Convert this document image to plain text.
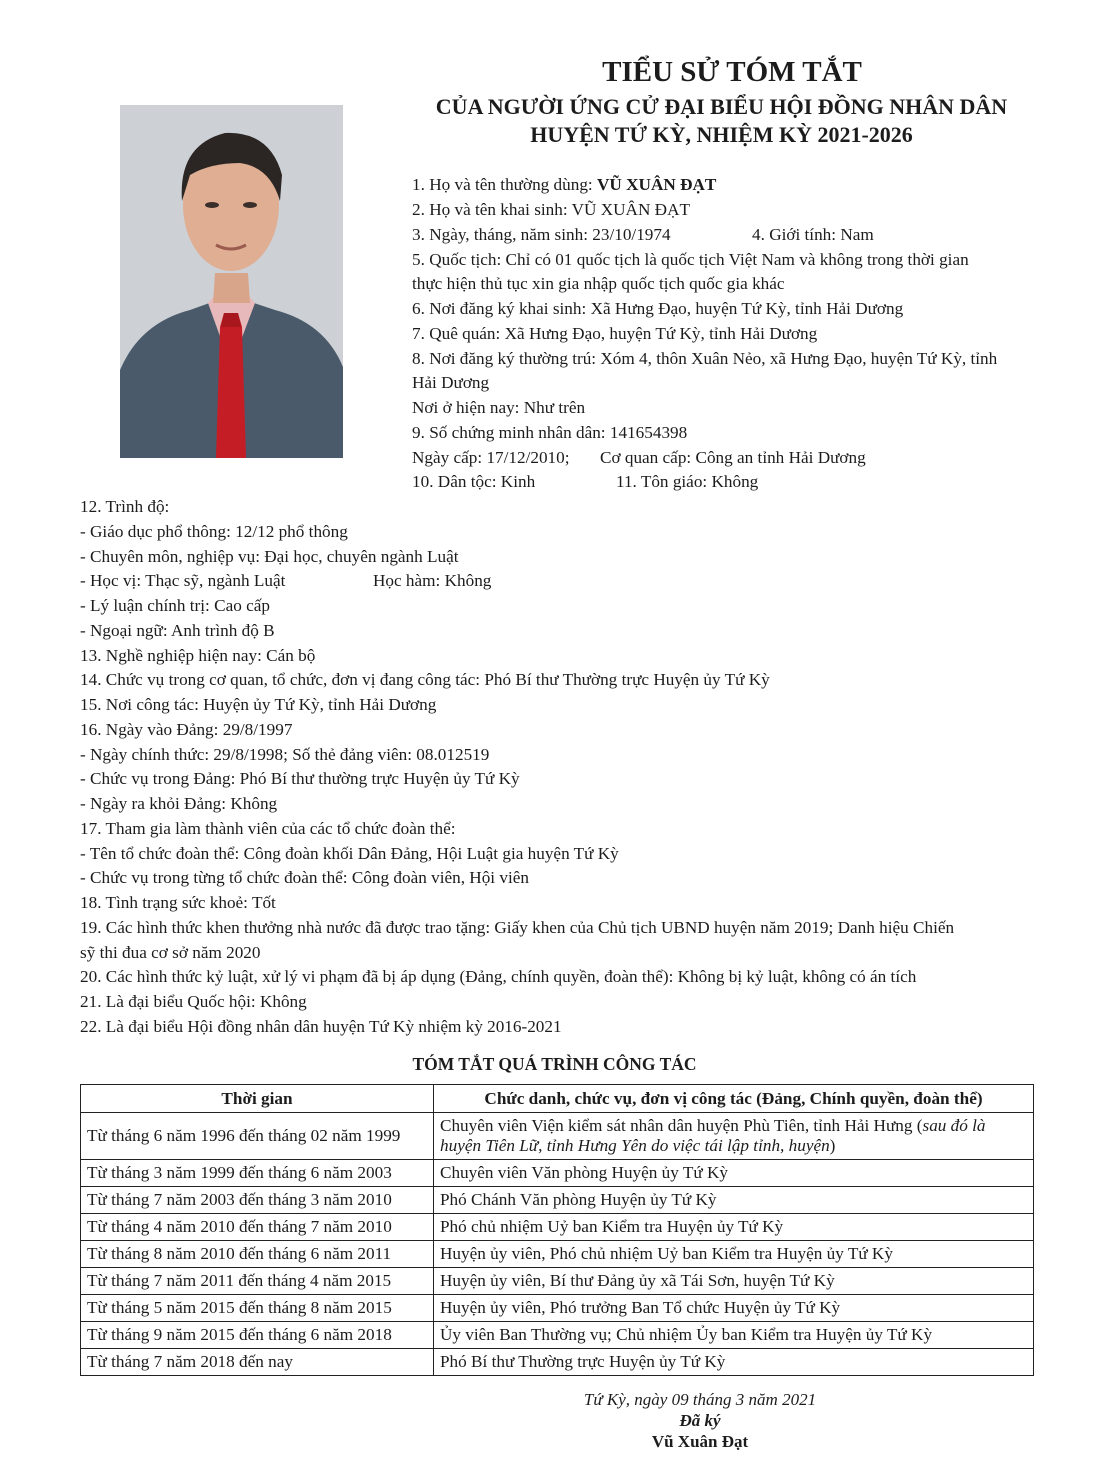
TIỂU SỬ TÓM TẮT
CỦA NGƯỜI ỨNG CỬ ĐẠI BIỂU HỘI ĐỒNG NHÂN DÂN
HUYỆN TỨ KỲ, NHIỆM KỲ 2021-2026
1. Họ và tên thường dùng: VŨ XUÂN ĐẠT
2. Họ và tên khai sinh: VŨ XUÂN ĐẠT
3. Ngày, tháng, năm sinh: 23/10/1974	4. Giới tính: Nam
5. Quốc tịch: Chỉ có 01 quốc tịch là quốc tịch Việt Nam và không trong thời gian
thực hiện thủ tục xin gia nhập quốc tịch quốc gia khác
6. Nơi đăng ký khai sinh: Xã Hưng Đạo, huyện Tứ Kỳ, tỉnh Hải Dương
7. Quê quán: Xã Hưng Đạo, huyện Tứ Kỳ, tỉnh Hải Dương
8. Nơi đăng ký thường trú: Xóm 4, thôn Xuân Nẻo, xã Hưng Đạo, huyện Tứ Kỳ, tỉnh
Hải Dương
Nơi ở hiện nay: Như trên
9. Số chứng minh nhân dân: 141654398
Ngày cấp: 17/12/2010; Cơ quan cấp: Công an tỉnh Hải Dương
10. Dân tộc: Kinh	11. Tôn giáo: Không
12. Trình độ:
- Giáo dục phổ thông: 12/12 phổ thông
- Chuyên môn, nghiệp vụ: Đại học, chuyên ngành Luật
- Học vị: Thạc sỹ, ngành Luật	Học hàm: Không
- Lý luận chính trị: Cao cấp
- Ngoại ngữ: Anh trình độ B
13. Nghề nghiệp hiện nay: Cán bộ
14. Chức vụ trong cơ quan, tổ chức, đơn vị đang công tác: Phó Bí thư Thường trực Huyện ủy Tứ Kỳ
15. Nơi công tác: Huyện ủy Tứ Kỳ, tỉnh Hải Dương
16. Ngày vào Đảng: 29/8/1997
- Ngày chính thức: 29/8/1998; Số thẻ đảng viên: 08.012519
- Chức vụ trong Đảng: Phó Bí thư thường trực Huyện ủy Tứ Kỳ
- Ngày ra khỏi Đảng: Không
17. Tham gia làm thành viên của các tổ chức đoàn thể:
- Tên tổ chức đoàn thể: Công đoàn khối Dân Đảng, Hội Luật gia huyện Tứ Kỳ
- Chức vụ trong từng tổ chức đoàn thể: Công đoàn viên, Hội viên
18. Tình trạng sức khoẻ: Tốt
19. Các hình thức khen thưởng nhà nước đã được trao tặng: Giấy khen của Chủ tịch UBND huyện năm 2019; Danh hiệu Chiến
sỹ thi đua cơ sở năm 2020
20. Các hình thức kỷ luật, xử lý vi phạm đã bị áp dụng (Đảng, chính quyền, đoàn thể): Không bị kỷ luật, không có án tích
21. Là đại biểu Quốc hội: Không
22. Là đại biểu Hội đồng nhân dân huyện Tứ Kỳ nhiệm kỳ 2016-2021
TÓM TẮT QUÁ TRÌNH CÔNG TÁC
Thời gian	Chức danh, chức vụ, đơn vị công tác (Đảng, Chính quyền, đoàn thể)
Từ tháng 6 năm 1996 đến tháng 02 năm 1999	Chuyên viên Viện kiểm sát nhân dân huyện Phù Tiên, tỉnh Hải Hưng (sau đó là huyện Tiên Lữ, tỉnh Hưng Yên do việc tái lập tỉnh, huyện)
Từ tháng 3 năm 1999 đến tháng 6 năm 2003	Chuyên viên Văn phòng Huyện ủy Tứ Kỳ
Từ tháng 7 năm 2003 đến tháng 3 năm 2010	Phó Chánh Văn phòng Huyện ủy Tứ Kỳ
Từ tháng 4 năm 2010 đến tháng 7 năm 2010	Phó chủ nhiệm Uỷ ban Kiểm tra Huyện ủy Tứ Kỳ
Từ tháng 8 năm 2010 đến tháng 6 năm 2011	Huyện ủy viên, Phó chủ nhiệm Uỷ ban Kiểm tra Huyện ủy Tứ Kỳ
Từ tháng 7 năm 2011 đến tháng 4 năm 2015	Huyện ủy viên, Bí thư Đảng ủy xã Tái Sơn, huyện Tứ Kỳ
Từ tháng 5 năm 2015 đến tháng 8 năm 2015	Huyện ủy viên, Phó trưởng Ban Tổ chức Huyện ủy Tứ Kỳ
Từ tháng 9 năm 2015 đến tháng 6 năm 2018	Ủy viên Ban Thường vụ; Chủ nhiệm Ủy ban Kiểm tra Huyện ủy Tứ Kỳ
Từ tháng 7 năm 2018 đến nay	Phó Bí thư Thường trực Huyện ủy Tứ Kỳ
Tứ Kỳ, ngày 09 tháng 3 năm 2021
Đã ký
Vũ Xuân Đạt
